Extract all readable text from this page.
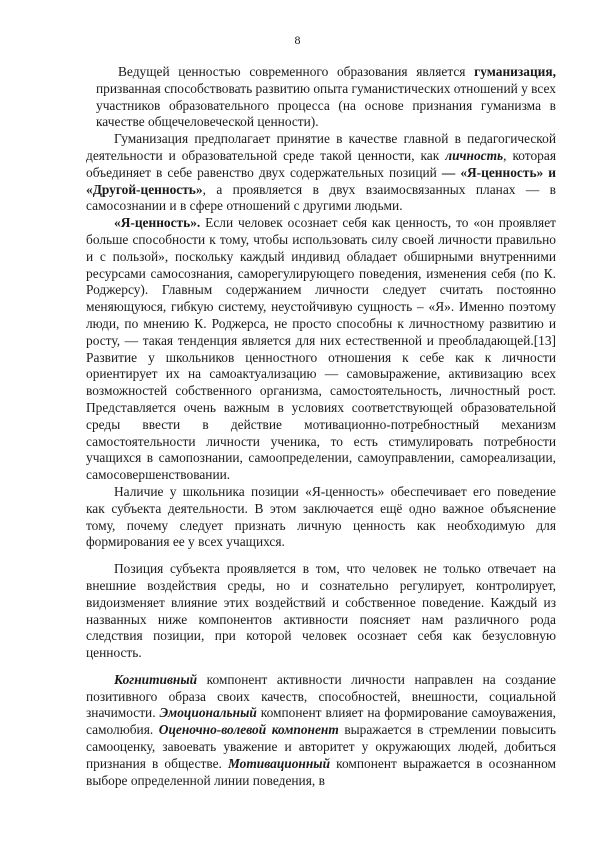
8

Ведущей ценностью современного образования является гуманизация, призванная способствовать развитию опыта гуманистических отношений у всех участников образовательного процесса (на основе признания гуманизма в качестве общечеловеческой ценности).

Гуманизация предполагает принятие в качестве главной в педагогической деятельности и образовательной среде такой ценности, как личность, которая объединяет в себе равенство двух содержательных позиций — «Я-ценность» и «Другой-ценность», а проявляется в двух взаимосвязанных планах — в самосознании и в сфере отношений с другими людьми.

«Я-ценность». Если человек осознает себя как ценность, то «он проявляет больше способности к тому, чтобы использовать силу своей личности правильно и с пользой», поскольку каждый индивид обладает обширными внутренними ресурсами самосознания, саморегулирующего поведения, изменения себя (по К. Роджерсу). Главным содержанием личности следует считать постоянно меняющуюся, гибкую систему, неустойчивую сущность – «Я». Именно поэтому люди, по мнению К. Роджерса, не просто способны к личностному развитию и росту, — такая тенденция является для них естественной и преобладающей.[13] Развитие у школьников ценностного отношения к себе как к личности ориентирует их на самоактуализацию — самовыражение, активизацию всех возможностей собственного организма, самостоятельность, личностный рост. Представляется очень важным в условиях соответствующей образовательной среды ввести в действие мотивационно-потребностный механизм самостоятельности личности ученика, то есть стимулировать потребности учащихся в самопознании, самоопределении, самоуправлении, самореализации, самосовершенствовании.

Наличие у школьника позиции «Я-ценность» обеспечивает его поведение как субъекта деятельности. В этом заключается ещё одно важное объяснение тому, почему следует признать личную ценность как необходимую для формирования ее у всех учащихся.

Позиция субъекта проявляется в том, что человек не только отвечает на внешние воздействия среды, но и сознательно регулирует, контролирует, видоизменяет влияние этих воздействий и собственное поведение. Каждый из названных ниже компонентов активности поясняет нам различного рода следствия позиции, при которой человек осознает себя как безусловную ценность.

Когнитивный компонент активности личности направлен на создание позитивного образа своих качеств, способностей, внешности, социальной значимости. Эмоциональный компонент влияет на формирование самоуважения, самолюбия. Оценочно-волевой компонент выражается в стремлении повысить самооценку, завоевать уважение и авторитет у окружающих людей, добиться признания в обществе. Мотивационный компонент выражается в осознанном выборе определенной линии поведения, в
